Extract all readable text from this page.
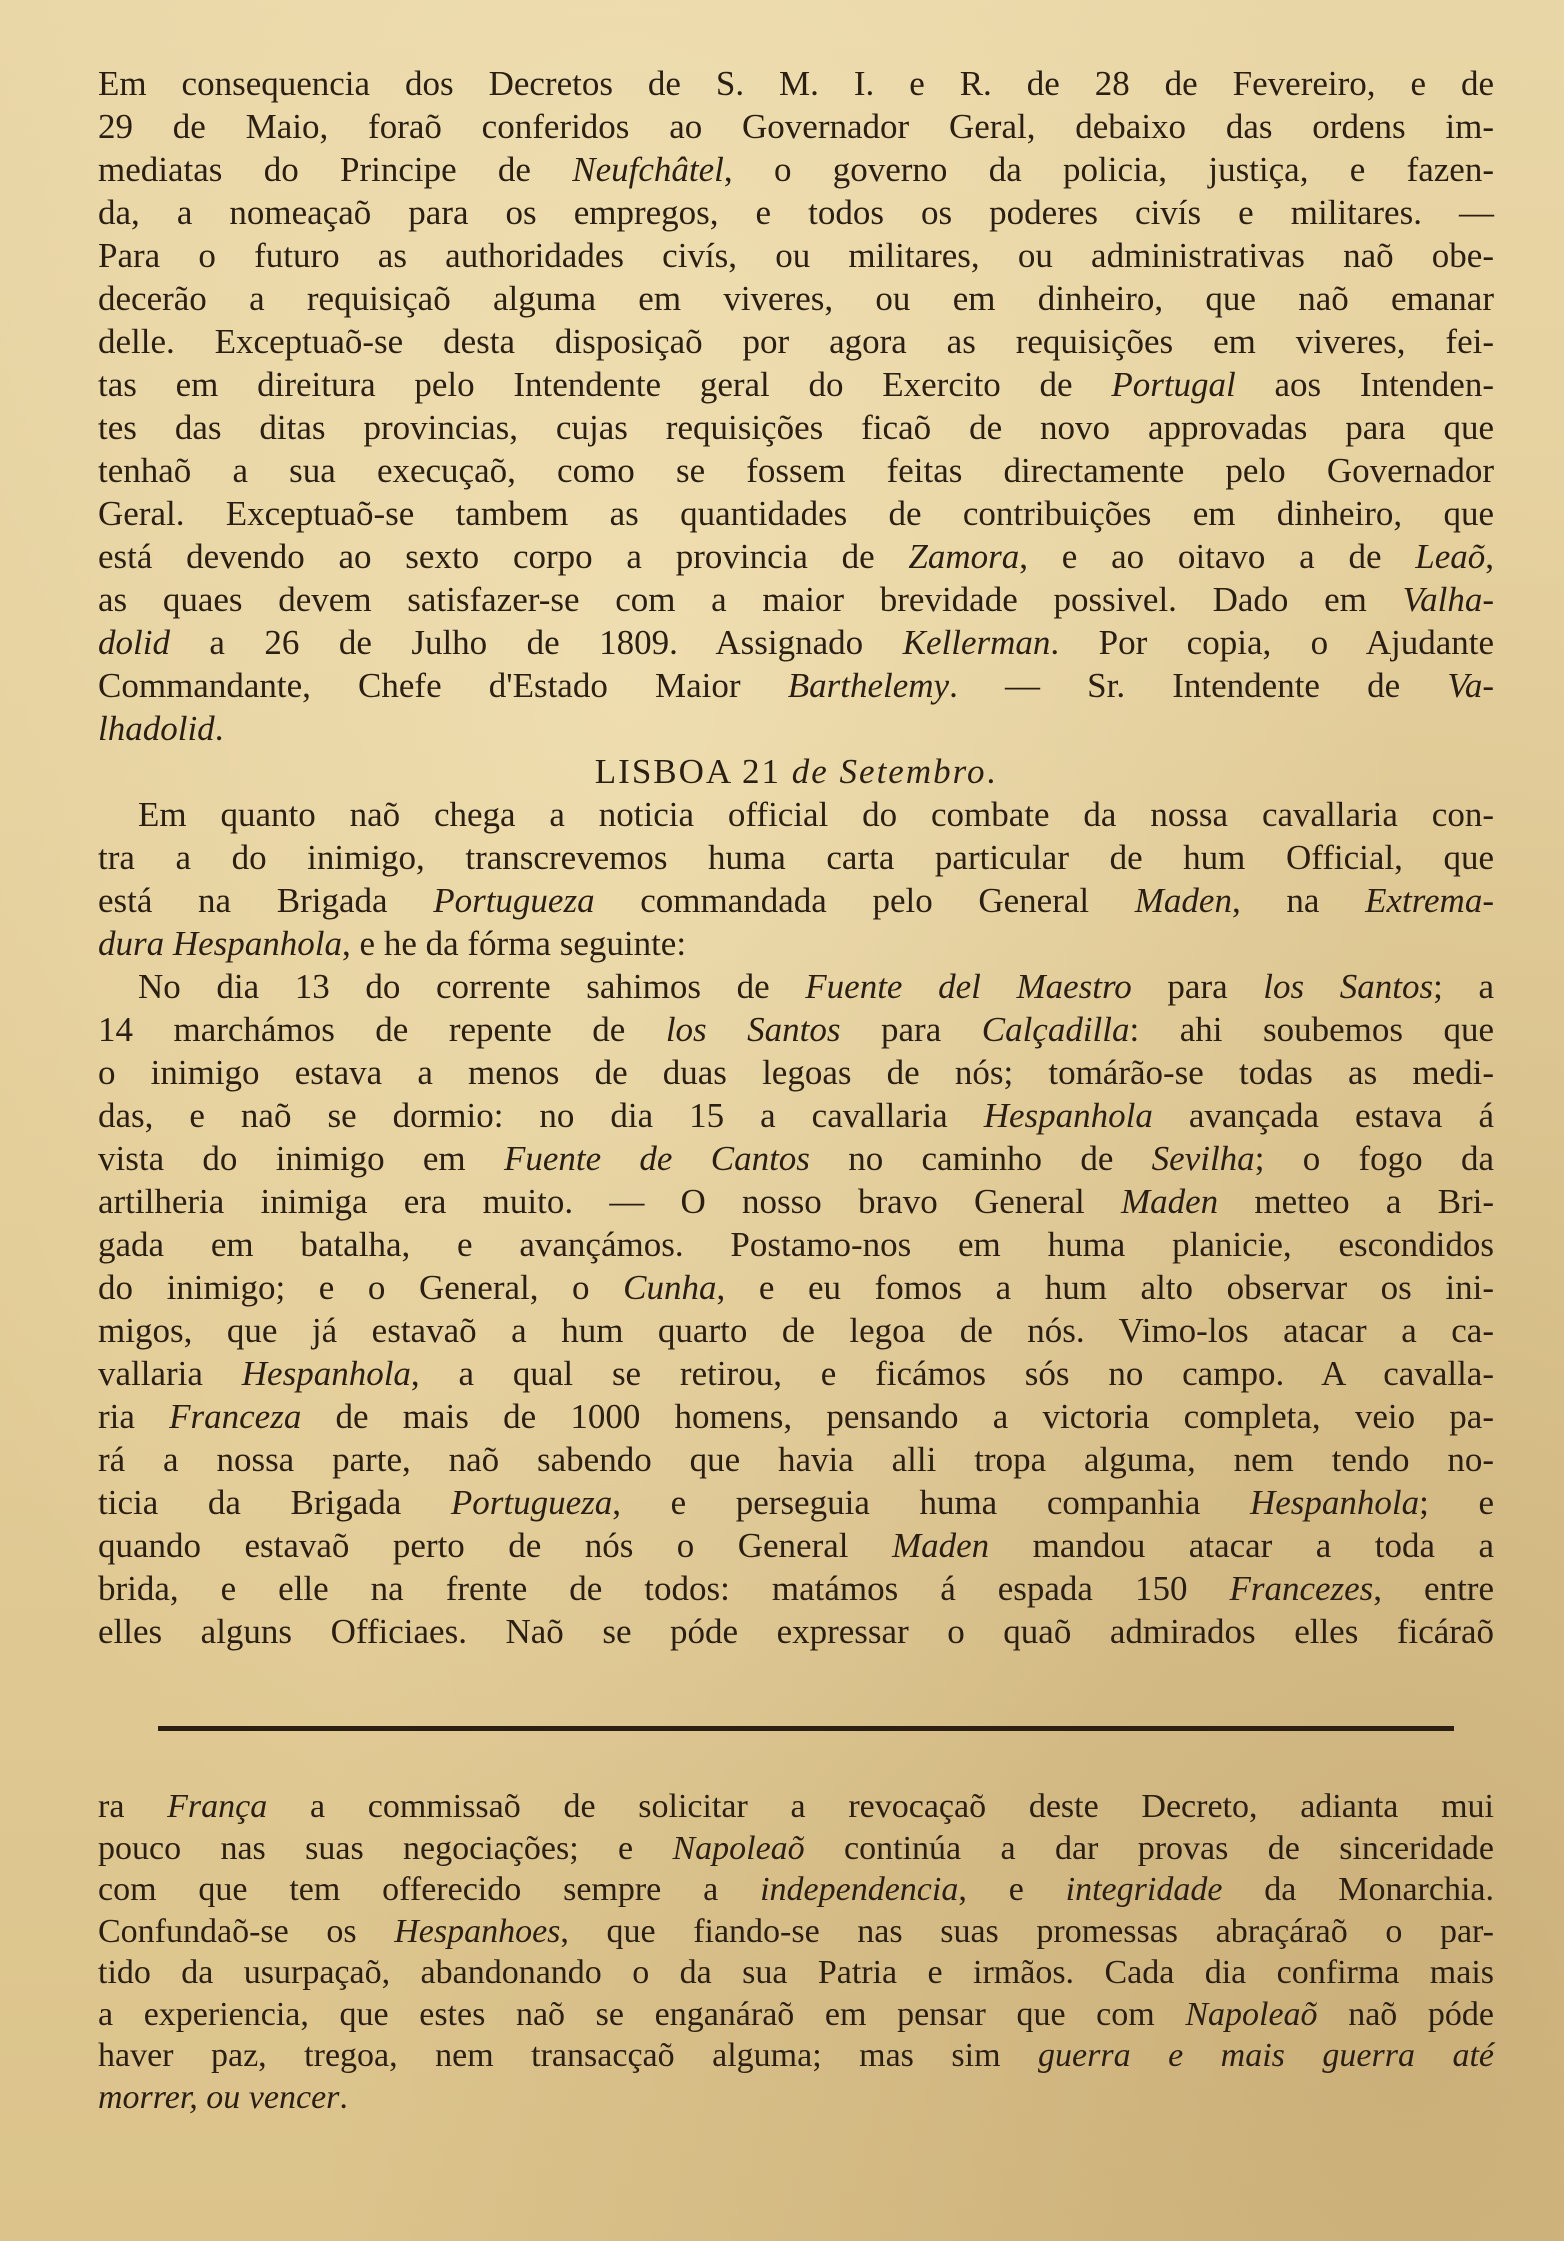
Em consequencia dos Decretos de S. M. I. e R. de 28 de Fevereiro, e de
29 de Maio, foraõ conferidos ao Governador Geral, debaixo das ordens im-
mediatas do Principe de Neufchâtel, o governo da policia, justiça, e fazen-
da, a nomeaçaõ para os empregos, e todos os poderes civís e militares. —
Para o futuro as authoridades civís, ou militares, ou administrativas naõ obe-
decerão a requisiçaõ alguma em viveres, ou em dinheiro, que naõ emanar
delle. Exceptuaõ-se desta disposiçaõ por agora as requisições em viveres, fei-
tas em direitura pelo Intendente geral do Exercito de Portugal aos Intenden-
tes das ditas provincias, cujas requisições ficaõ de novo approvadas para que
tenhaõ a sua execuçaõ, como se fossem feitas directamente pelo Governador
Geral. Exceptuaõ-se tambem as quantidades de contribuições em dinheiro, que
está devendo ao sexto corpo a provincia de Zamora, e ao oitavo a de Leaõ,
as quaes devem satisfazer-se com a maior brevidade possivel. Dado em Valha-
dolid a 26 de Julho de 1809. Assignado Kellerman. Por copia, o Ajudante
Commandante, Chefe d'Estado Maior Barthelemy. — Sr. Intendente de Va-
lhadolid.
LISBOA 21 de Setembro.
Em quanto naõ chega a noticia official do combate da nossa cavallaria con-
tra a do inimigo, transcrevemos huma carta particular de hum Official, que
está na Brigada Portugueza commandada pelo General Maden, na Extrema-
dura Hespanhola, e he da fórma seguinte:
No dia 13 do corrente sahimos de Fuente del Maestro para los Santos; a
14 marchámos de repente de los Santos para Calçadilla: ahi soubemos que
o inimigo estava a menos de duas legoas de nós; tomárão-se todas as medi-
das, e naõ se dormio: no dia 15 a cavallaria Hespanhola avançada estava á
vista do inimigo em Fuente de Cantos no caminho de Sevilha; o fogo da
artilheria inimiga era muito. — O nosso bravo General Maden metteo a Bri-
gada em batalha, e avançámos. Postamo-nos em huma planicie, escondidos
do inimigo; e o General, o Cunha, e eu fomos a hum alto observar os ini-
migos, que já estavaõ a hum quarto de legoa de nós. Vimo-los atacar a ca-
vallaria Hespanhola, a qual se retirou, e ficámos sós no campo. A cavalla-
ria Franceza de mais de 1000 homens, pensando a victoria completa, veio pa-
rá a nossa parte, naõ sabendo que havia alli tropa alguma, nem tendo no-
ticia da Brigada Portugueza, e perseguia huma companhia Hespanhola; e
quando estavaõ perto de nós o General Maden mandou atacar a toda a
brida, e elle na frente de todos: matámos á espada 150 Francezes, entre
elles alguns Officiaes. Naõ se póde expressar o quaõ admirados elles ficáraõ
ra França a commissaõ de solicitar a revocaçaõ deste Decreto, adianta mui
pouco nas suas negociações; e Napoleaõ continúa a dar provas de sinceridade
com que tem offerecido sempre a independencia, e integridade da Monarchia.
Confundaõ-se os Hespanhoes, que fiando-se nas suas promessas abraçáraõ o par-
tido da usurpaçaõ, abandonando o da sua Patria e irmãos. Cada dia confirma mais
a experiencia, que estes naõ se enganáraõ em pensar que com Napoleaõ naõ póde
haver paz, tregoa, nem transacçaõ alguma; mas sim guerra e mais guerra até
morrer, ou vencer.
